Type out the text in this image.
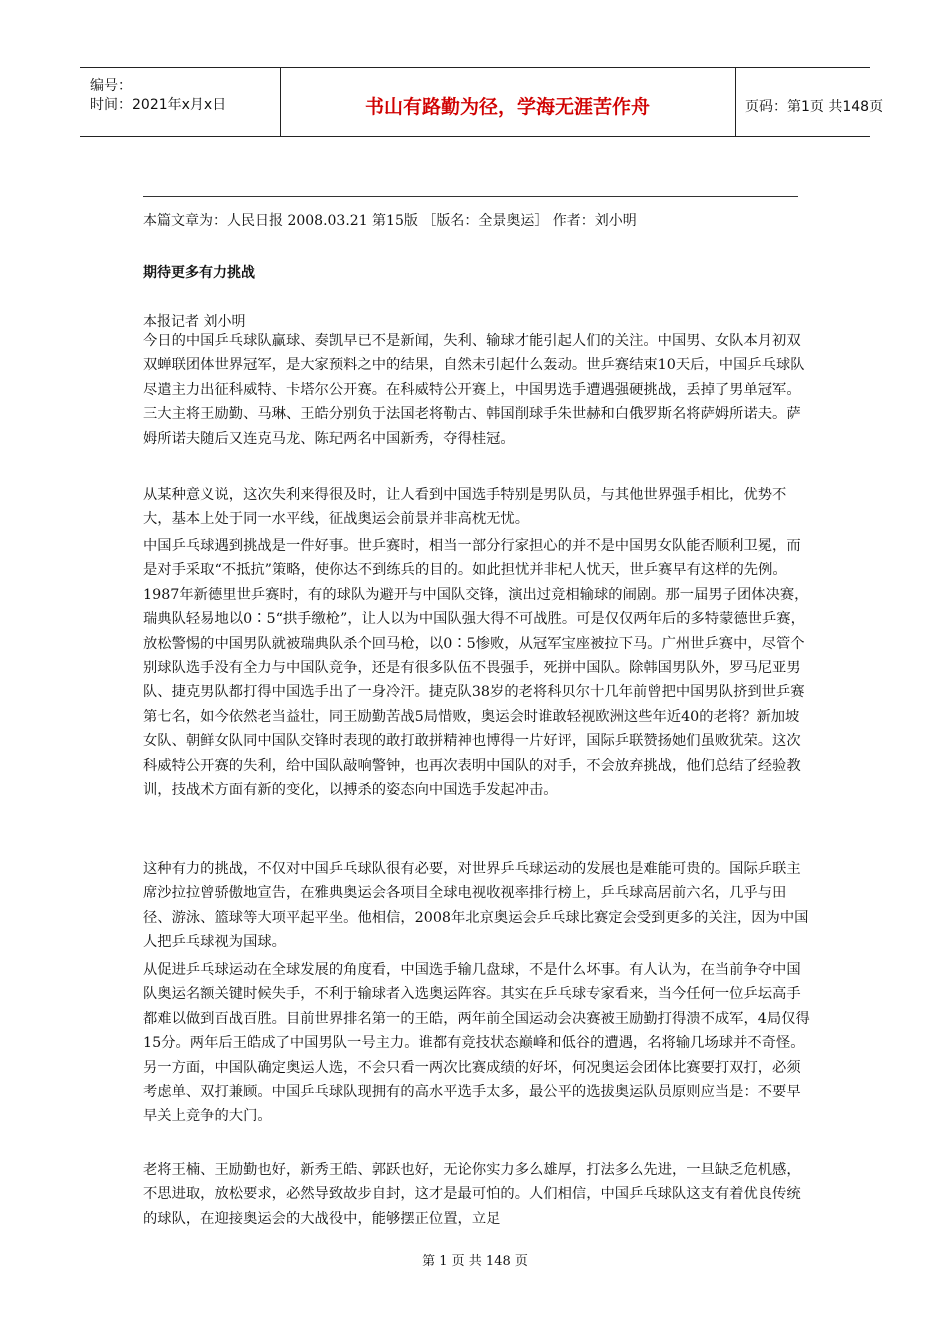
编号：
时间：2021年x月x日	书山有路勤为径，学海无涯苦作舟	页码：第1页 共148页
本篇文章为：人民日报 2008.03.21 第15版 ［版名：全景奥运］ 作者：刘小明
期待更多有力挑战
本报记者 刘小明

今日的中国乒乓球队赢球、奏凯早已不是新闻，失利、输球才能引起人们的关注。中国男、女队本月初双双蝉联团体世界冠军，是大家预料之中的结果，自然未引起什么轰动。世乒赛结束10天后，中国乒乓球队尽遣主力出征科威特、卡塔尔公开赛。在科威特公开赛上，中国男选手遭遇强硬挑战，丢掉了男单冠军。三大主将王励勤、马琳、王皓分别负于法国老将勒古、韩国削球手朱世赫和白俄罗斯名将萨姆所诺夫。萨姆所诺夫随后又连克马龙、陈玘两名中国新秀，夺得桂冠。

从某种意义说，这次失利来得很及时，让人看到中国选手特别是男队员，与其他世界强手相比，优势不大，基本上处于同一水平线，征战奥运会前景并非高枕无忧。

中国乒乓球遇到挑战是一件好事。世乒赛时，相当一部分行家担心的并不是中国男女队能否顺利卫冕，而是对手采取“不抵抗”策略，使你达不到练兵的目的。如此担忧并非杞人忧天，世乒赛早有这样的先例。1987年新德里世乒赛时，有的球队为避开与中国队交锋，演出过竞相输球的闹剧。那一届男子团体决赛，瑞典队轻易地以0∶5“拱手缴枪”，让人以为中国队强大得不可战胜。可是仅仅两年后的多特蒙德世乒赛，放松警惕的中国男队就被瑞典队杀个回马枪，以0∶5惨败，从冠军宝座被拉下马。广州世乒赛中，尽管个别球队选手没有全力与中国队竞争，还是有很多队伍不畏强手，死拼中国队。除韩国男队外，罗马尼亚男队、捷克男队都打得中国选手出了一身冷汗。捷克队38岁的老将科贝尔十几年前曾把中国男队挤到世乒赛第七名，如今依然老当益壮，同王励勤苦战5局惜败，奥运会时谁敢轻视欧洲这些年近40的老将？新加坡女队、朝鲜女队同中国队交锋时表现的敢打敢拼精神也博得一片好评，国际乒联赞扬她们虽败犹荣。这次科威特公开赛的失利，给中国队敲响警钟，也再次表明中国队的对手，不会放弃挑战，他们总结了经验教训，技战术方面有新的变化，以搏杀的姿态向中国选手发起冲击。

这种有力的挑战，不仅对中国乒乓球队很有必要，对世界乒乓球运动的发展也是难能可贵的。国际乒联主席沙拉拉曾骄傲地宣告，在雅典奥运会各项目全球电视收视率排行榜上，乒乓球高居前六名，几乎与田径、游泳、篮球等大项平起平坐。他相信，2008年北京奥运会乒乓球比赛定会受到更多的关注，因为中国人把乒乓球视为国球。

从促进乒乓球运动在全球发展的角度看，中国选手输几盘球，不是什么坏事。有人认为，在当前争夺中国队奥运名额关键时候失手，不利于输球者入选奥运阵容。其实在乒乓球专家看来，当今任何一位乒坛高手都难以做到百战百胜。目前世界排名第一的王皓，两年前全国运动会决赛被王励勤打得溃不成军，4局仅得15分。两年后王皓成了中国男队一号主力。谁都有竞技状态巅峰和低谷的遭遇，名将输几场球并不奇怪。另一方面，中国队确定奥运人选，不会只看一两次比赛成绩的好坏，何况奥运会团体比赛要打双打，必须考虑单、双打兼顾。中国乒乓球队现拥有的高水平选手太多，最公平的选拔奥运队员原则应当是：不要早早关上竞争的大门。

老将王楠、王励勤也好，新秀王皓、郭跃也好，无论你实力多么雄厚，打法多么先进，一旦缺乏危机感，不思进取，放松要求，必然导致故步自封，这才是最可怕的。人们相信，中国乒乓球队这支有着优良传统的球队，在迎接奥运会的大战役中，能够摆正位置，立足

第 1 页 共 148 页
